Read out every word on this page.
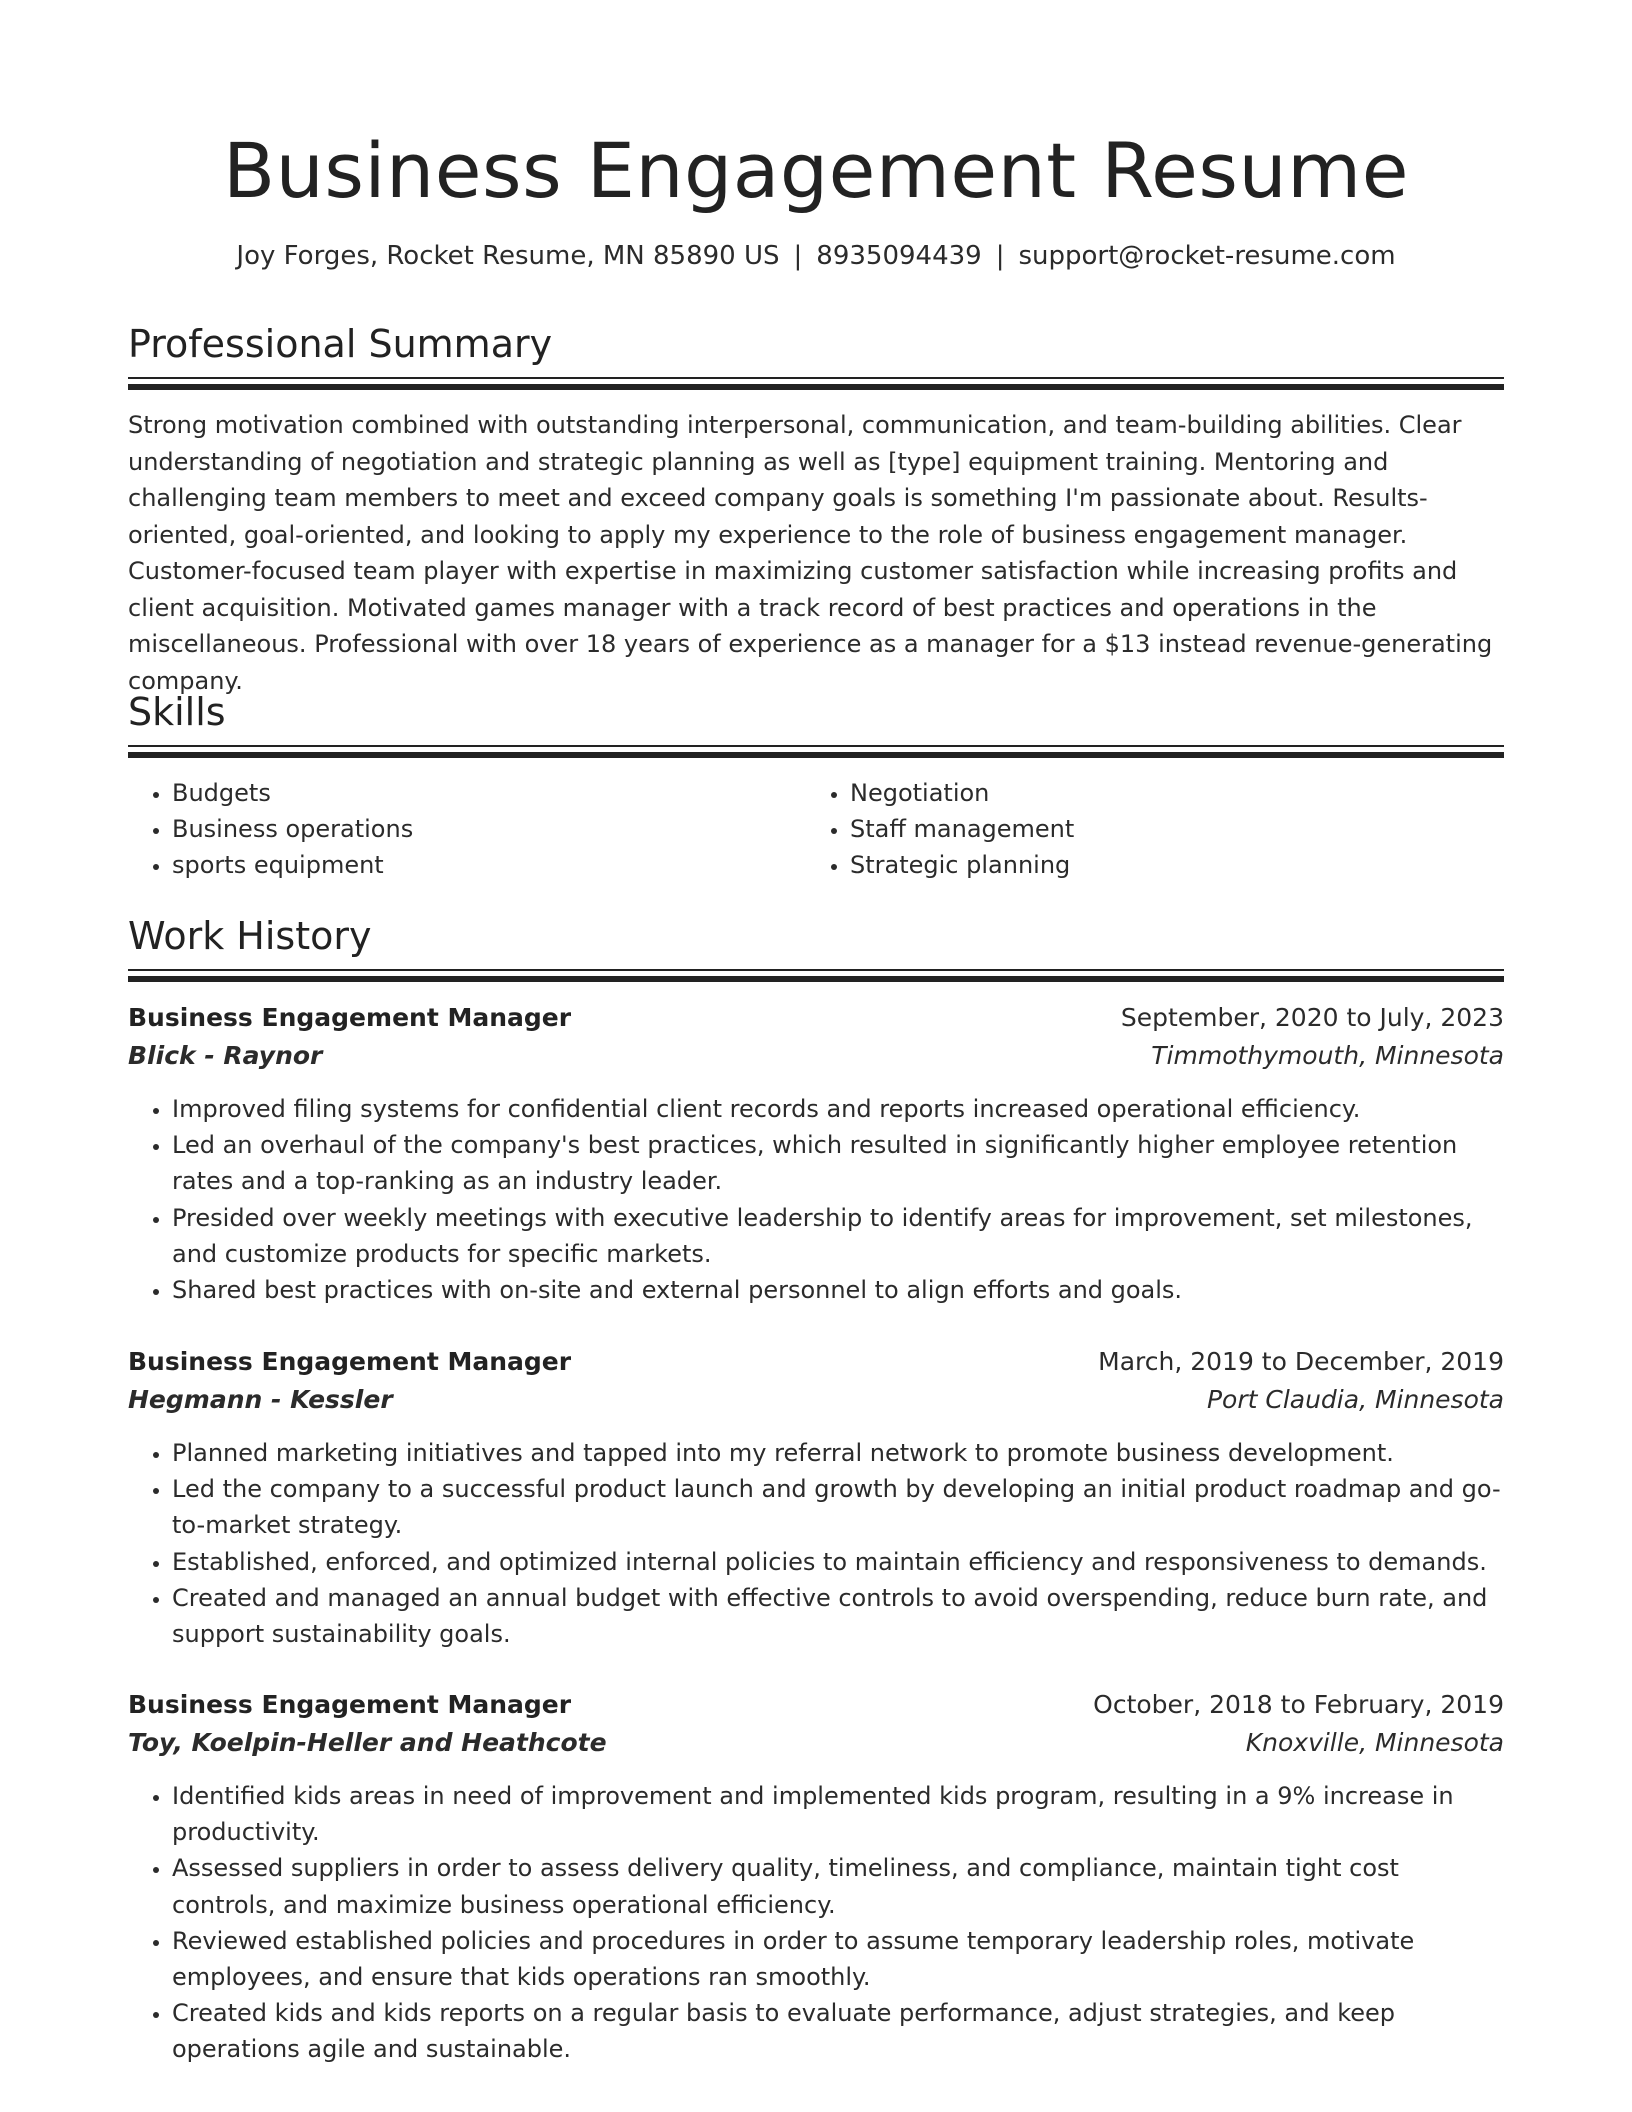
Business Engagement Resume
Joy Forges, Rocket Resume, MN 85890 US | 8935094439 | support@rocket-resume.com
Professional Summary
Strong motivation combined with outstanding interpersonal, communication, and team-building abilities. Clear understanding of negotiation and strategic planning as well as [type] equipment training. Mentoring and challenging team members to meet and exceed company goals is something I'm passionate about. Results-oriented, goal-oriented, and looking to apply my experience to the role of business engagement manager. Customer-focused team player with expertise in maximizing customer satisfaction while increasing profits and client acquisition. Motivated games manager with a track record of best practices and operations in the miscellaneous. Professional with over 18 years of experience as a manager for a $13 instead revenue-generating company.
Skills
• Budgets
• Business operations
• sports equipment
• Negotiation
• Staff management
• Strategic planning
Work History
Business Engagement Manager	September, 2020 to July, 2023
Blick - Raynor	Timmothymouth, Minnesota
• Improved filing systems for confidential client records and reports increased operational efficiency.
• Led an overhaul of the company's best practices, which resulted in significantly higher employee retention rates and a top-ranking as an industry leader.
• Presided over weekly meetings with executive leadership to identify areas for improvement, set milestones, and customize products for specific markets.
• Shared best practices with on-site and external personnel to align efforts and goals.
Business Engagement Manager	March, 2019 to December, 2019
Hegmann - Kessler	Port Claudia, Minnesota
• Planned marketing initiatives and tapped into my referral network to promote business development.
• Led the company to a successful product launch and growth by developing an initial product roadmap and go-to-market strategy.
• Established, enforced, and optimized internal policies to maintain efficiency and responsiveness to demands.
• Created and managed an annual budget with effective controls to avoid overspending, reduce burn rate, and support sustainability goals.
Business Engagement Manager	October, 2018 to February, 2019
Toy, Koelpin-Heller and Heathcote	Knoxville, Minnesota
• Identified kids areas in need of improvement and implemented kids program, resulting in a 9% increase in productivity.
• Assessed suppliers in order to assess delivery quality, timeliness, and compliance, maintain tight cost controls, and maximize business operational efficiency.
• Reviewed established policies and procedures in order to assume temporary leadership roles, motivate employees, and ensure that kids operations ran smoothly.
• Created kids and kids reports on a regular basis to evaluate performance, adjust strategies, and keep operations agile and sustainable.
